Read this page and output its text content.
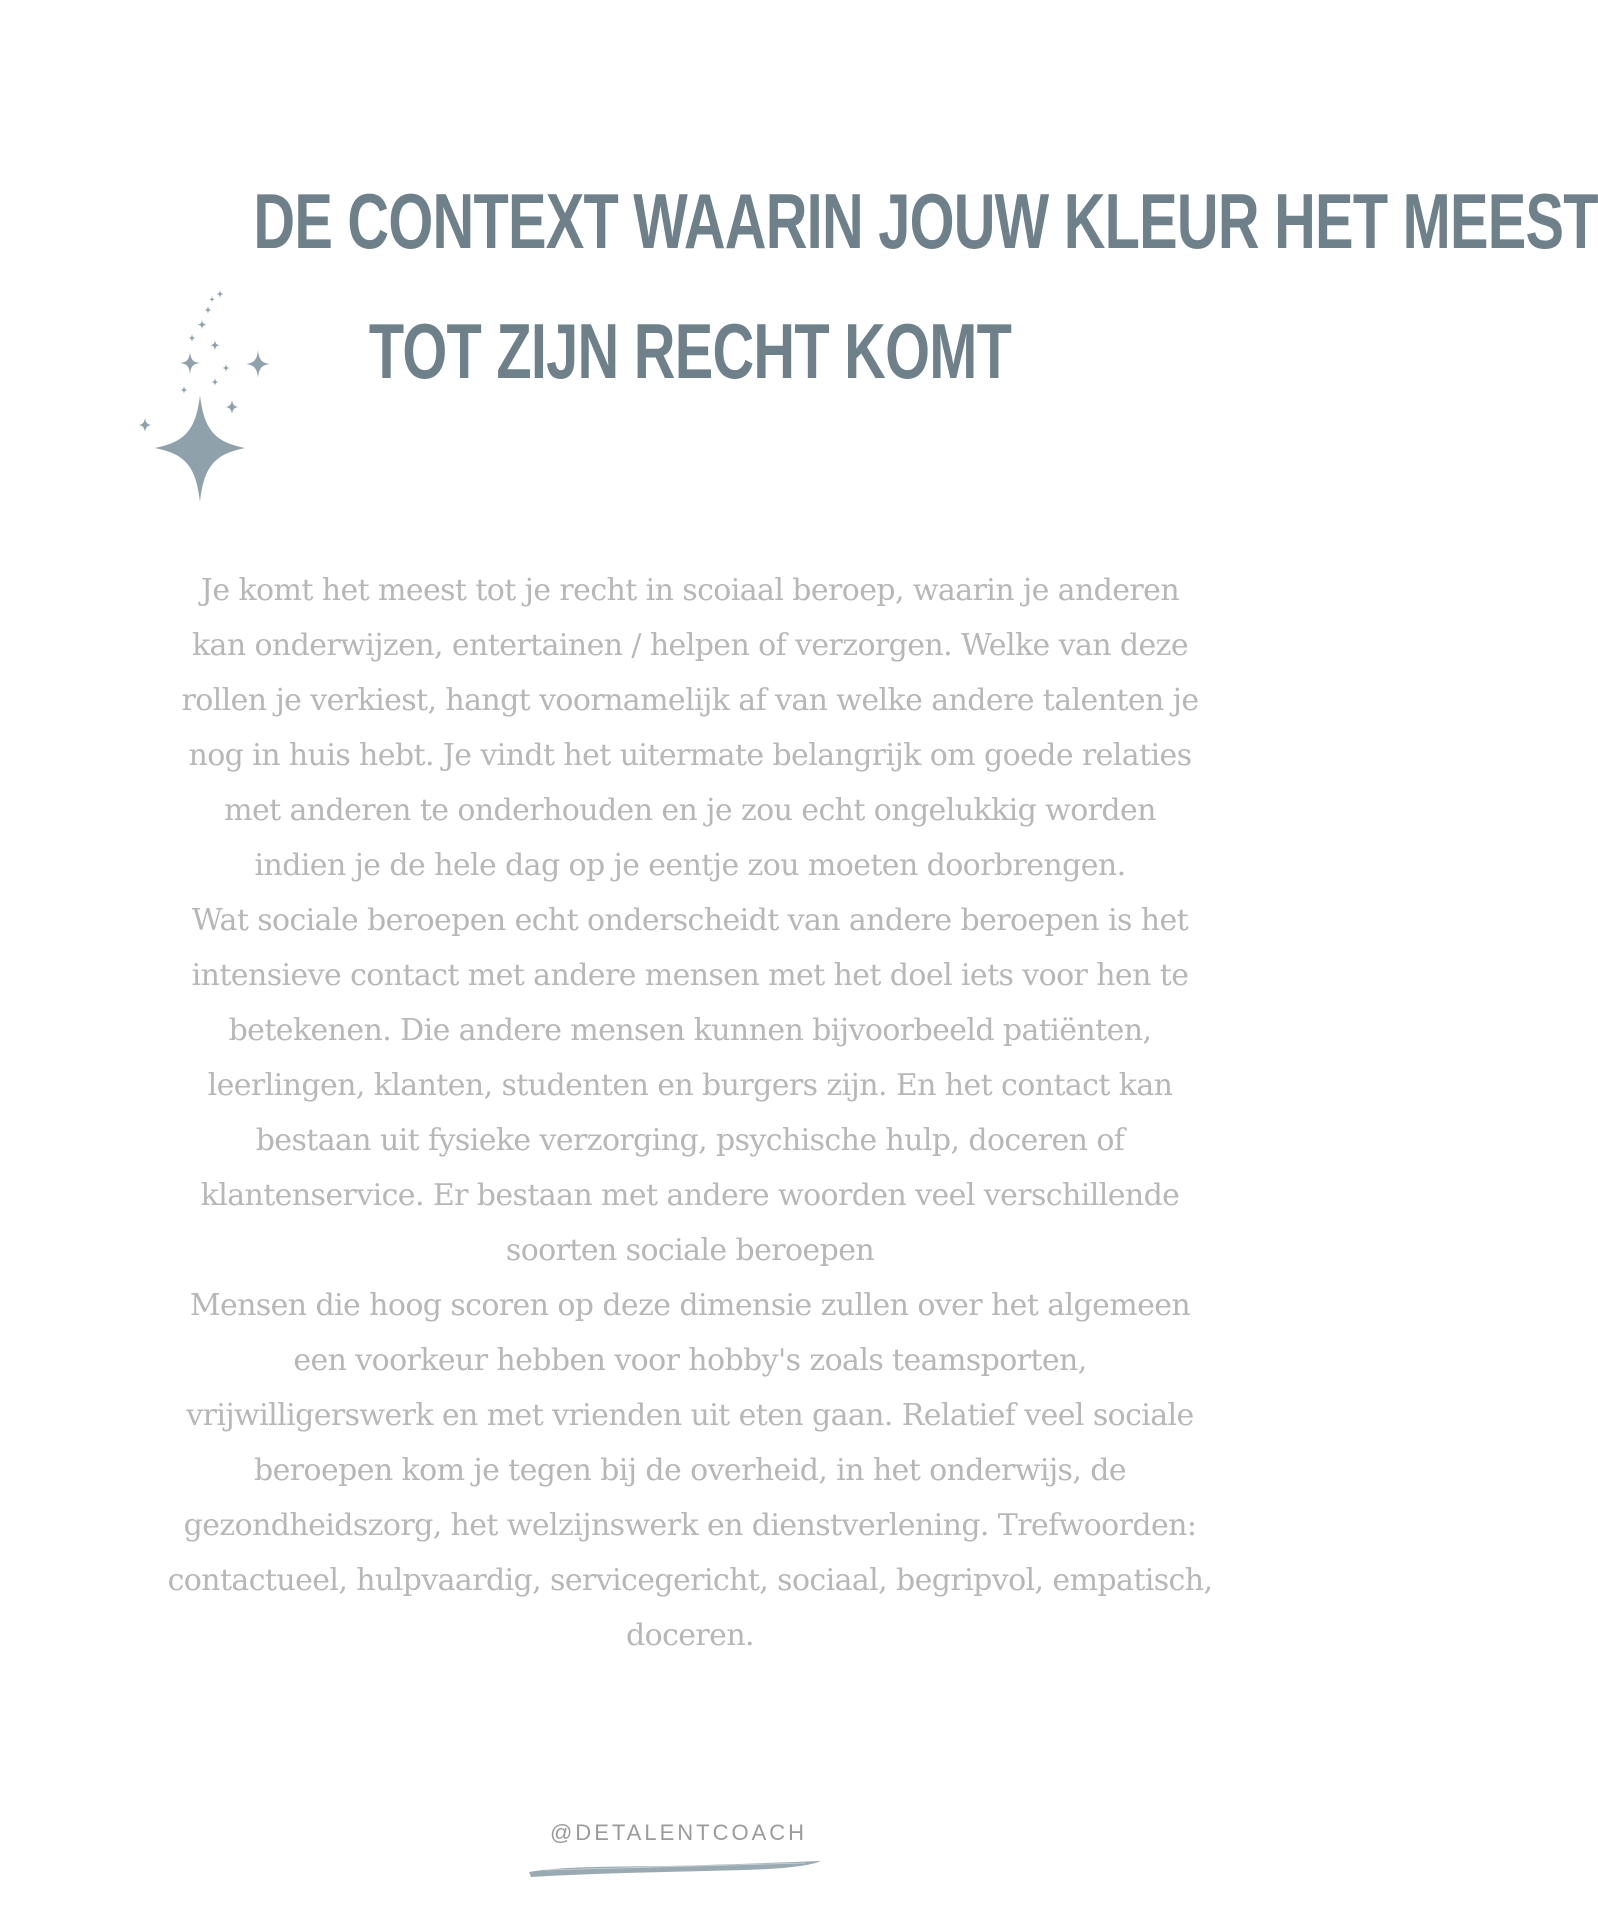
DE CONTEXT WAARIN JOUW KLEUR HET MEEST
TOT ZIJN RECHT KOMT

Je komt het meest tot je recht in scoiaal beroep, waarin je anderen

kan onderwijzen, entertainen / helpen of verzorgen. Welke van deze

rollen je verkiest, hangt voornamelijk af van welke andere talenten je

nog in huis hebt. Je vindt het uitermate belangrijk om goede relaties

met anderen te onderhouden en je zou echt ongelukkig worden

indien je de hele dag op je eentje zou moeten doorbrengen.

Wat sociale beroepen echt onderscheidt van andere beroepen is het

intensieve contact met andere mensen met het doel iets voor hen te

betekenen. Die andere mensen kunnen bijvoorbeeld patiënten,

leerlingen, klanten, studenten en burgers zijn. En het contact kan

bestaan uit fysieke verzorging, psychische hulp, doceren of

klantenservice. Er bestaan met andere woorden veel verschillende

soorten sociale beroepen

Mensen die hoog scoren op deze dimensie zullen over het algemeen

een voorkeur hebben voor hobby's zoals teamsporten,

vrijwilligerswerk en met vrienden uit eten gaan. Relatief veel sociale

beroepen kom je tegen bij de overheid, in het onderwijs, de

gezondheidszorg, het welzijnswerk en dienstverlening. Trefwoorden:

contactueel, hulpvaardig, servicegericht, sociaal, begripvol, empatisch,

doceren.

@DETALENTCOACH
